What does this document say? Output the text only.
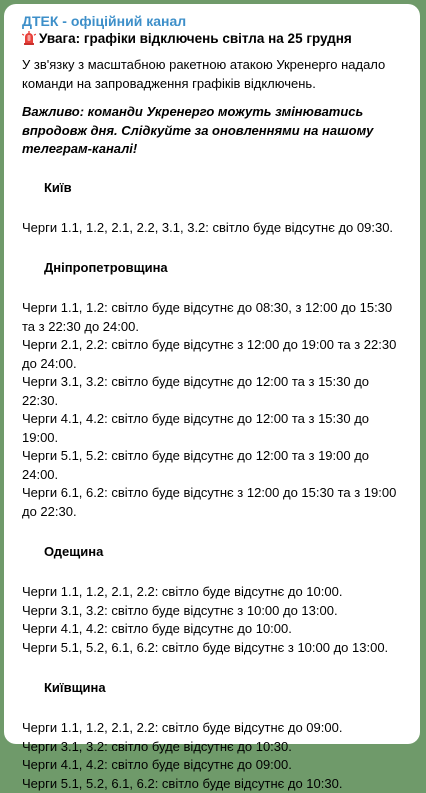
ДТЕК - офіційний канал
Увага: графіки відключень світла на 25 грудня

У зв'язку з масштабною ракетною атакою Укренерго надало команди на запровадження графіків відключень.

Важливо: команди Укренерго можуть змінюватись впродовж дня. Слідкуйте за оновленнями на нашому телеграм-каналі!

Київ

Черги 1.1, 1.2, 2.1, 2.2, 3.1, 3.2: світло буде відсутнє до 09:30.

Дніпропетровщина

Черги 1.1, 1.2: світло буде відсутнє до 08:30, з 12:00 до 15:30 та з 22:30 до 24:00.

Черги 2.1, 2.2: світло буде відсутнє з 12:00 до 19:00 та з 22:30 до 24:00.

Черги 3.1, 3.2: світло буде відсутнє до 12:00 та з 15:30 до 22:30.

Черги 4.1, 4.2: світло буде відсутнє до 12:00 та з 15:30 до 19:00.

Черги 5.1, 5.2: світло буде відсутнє до 12:00 та з 19:00 до 24:00.

Черги 6.1, 6.2: світло буде відсутнє з 12:00 до 15:30 та з 19:00 до 22:30.

Одещина

Черги 1.1, 1.2, 2.1, 2.2: світло буде відсутнє до 10:00.

Черги 3.1, 3.2: світло буде відсутнє з 10:00 до 13:00.

Черги 4.1, 4.2: світло буде відсутнє до 10:00.

Черги 5.1, 5.2, 6.1, 6.2: світло буде відсутнє з 10:00 до 13:00.

Київщина

Черги 1.1, 1.2, 2.1, 2.2: світло буде відсутнє до 09:00.

Черги 3.1, 3.2: світло буде відсутнє до 10:30.

Черги 4.1, 4.2: світло буде відсутнє до 09:00.

Черги 5.1, 5.2, 6.1, 6.2: світло буде відсутнє до 10:30.
